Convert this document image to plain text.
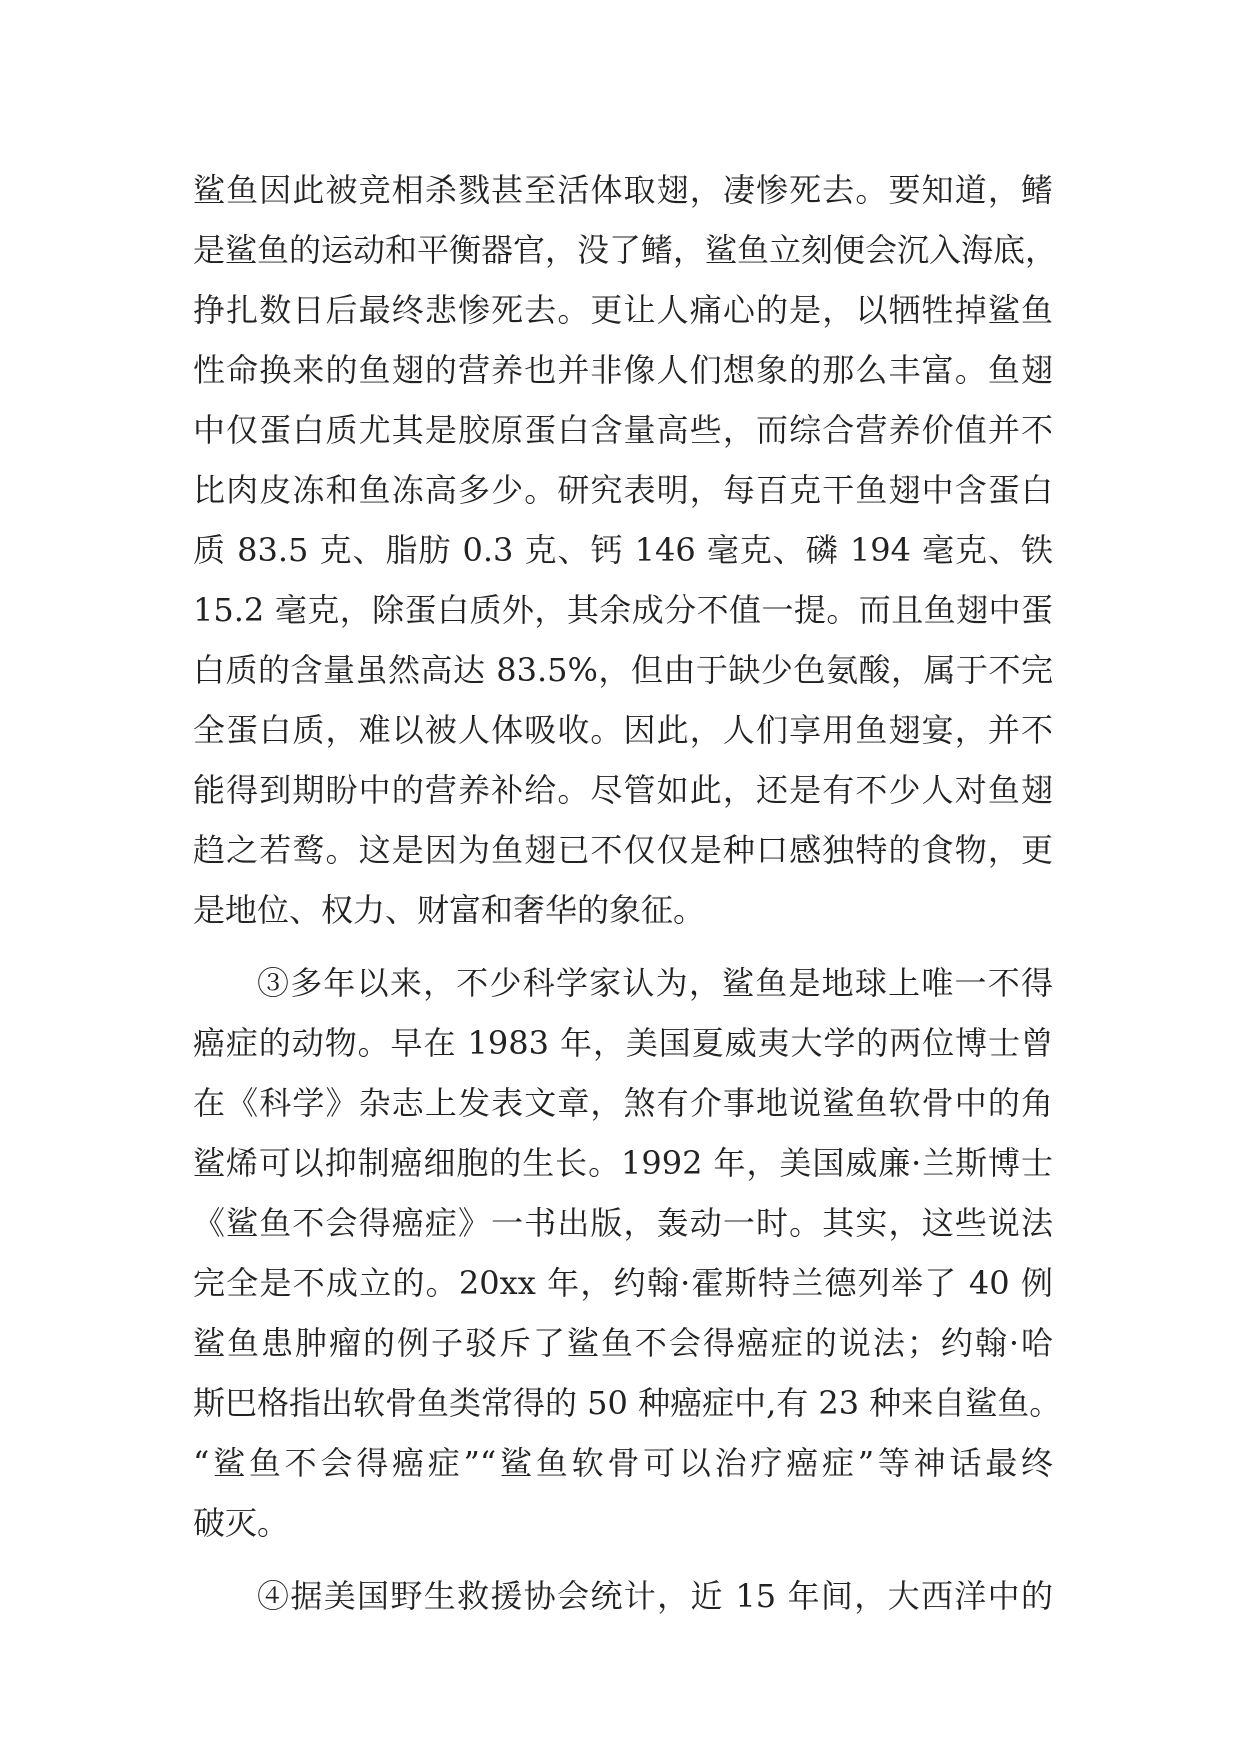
鲨鱼因此被竞相杀戮甚至活体取翅，凄惨死去。要知道，鳍
是鲨鱼的运动和平衡器官，没了鳍，鲨鱼立刻便会沉入海底，
挣扎数日后最终悲惨死去。更让人痛心的是，以牺牲掉鲨鱼
性命换来的鱼翅的营养也并非像人们想象的那么丰富。鱼翅
中仅蛋白质尤其是胶原蛋白含量高些，而综合营养价值并不
比肉皮冻和鱼冻高多少。研究表明，每百克干鱼翅中含蛋白
质 83.5 克、脂肪 0.3 克、钙 146 毫克、磷 194 毫克、铁
15.2 毫克，除蛋白质外，其余成分不值一提。而且鱼翅中蛋
白质的含量虽然高达 83.5%，但由于缺少色氨酸，属于不完
全蛋白质，难以被人体吸收。因此，人们享用鱼翅宴，并不
能得到期盼中的营养补给。尽管如此，还是有不少人对鱼翅
趋之若鹜。这是因为鱼翅已不仅仅是种口感独特的食物，更
是地位、权力、财富和奢华的象征。
③多年以来，不少科学家认为，鲨鱼是地球上唯一不得
癌症的动物。早在 1983 年，美国夏威夷大学的两位博士曾
在《科学》杂志上发表文章，煞有介事地说鲨鱼软骨中的角
鲨烯可以抑制癌细胞的生长。1992 年，美国威廉·兰斯博士
《鲨鱼不会得癌症》一书出版，轰动一时。其实，这些说法
完全是不成立的。20xx 年，约翰·霍斯特兰德列举了 40 例
鲨鱼患肿瘤的例子驳斥了鲨鱼不会得癌症的说法；约翰·哈
斯巴格指出软骨鱼类常得的 50 种癌症中,有 23 种来自鲨鱼。
“鲨鱼不会得癌症”“鲨鱼软骨可以治疗癌症”等神话最终
破灭。
④据美国野生救援协会统计，近 15 年间，大西洋中的
